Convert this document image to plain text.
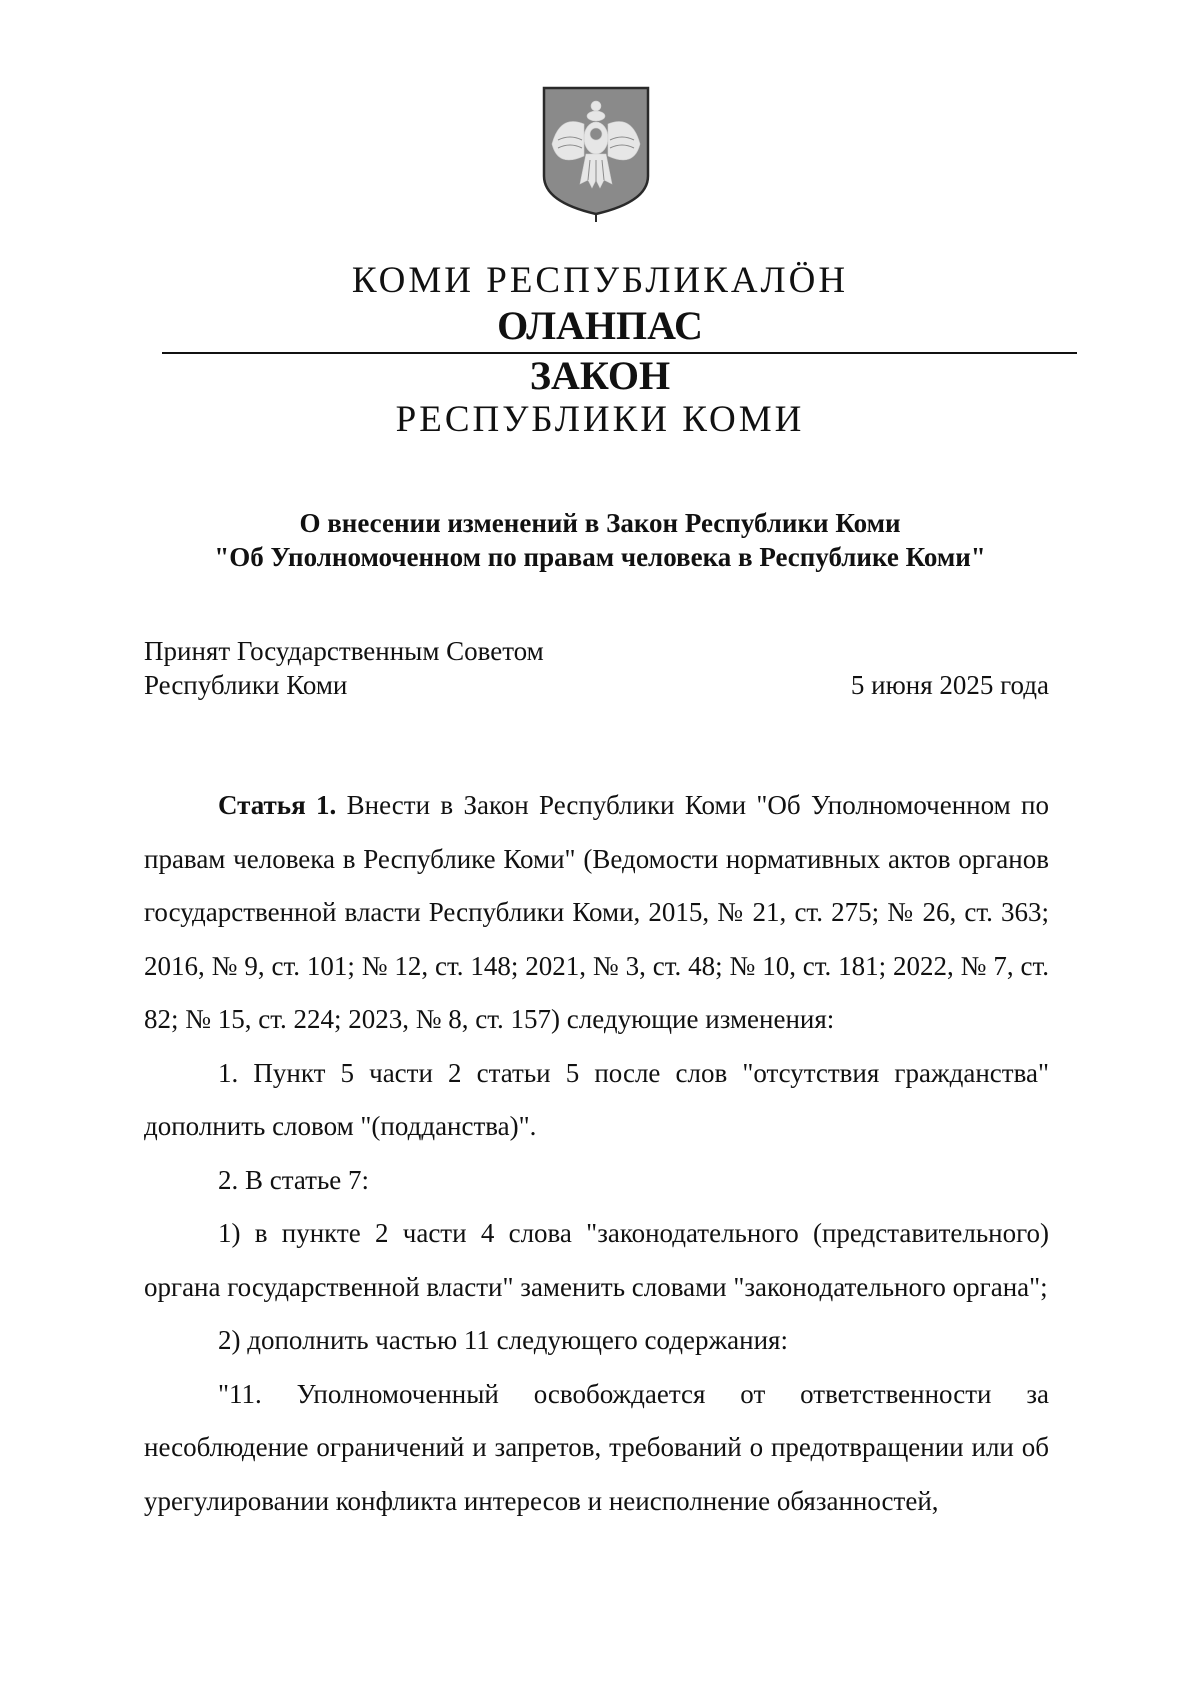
КОМИ РЕСПУБЛИКАЛÖН
ОЛАНПАС
ЗАКОН
РЕСПУБЛИКИ КОМИ
О внесении изменений в Закон Республики Коми
"Об Уполномоченном по правам человека в Республике Коми"
Принят Государственным Советом
Республики Коми	5 июня 2025 года

Статья 1. Внести в Закон Республики Коми "Об Уполномоченном по правам человека в Республике Коми" (Ведомости нормативных актов органов государственной власти Республики Коми, 2015, № 21, ст. 275; № 26, ст. 363; 2016, № 9, ст. 101; № 12, ст. 148; 2021, № 3, ст. 48; № 10, ст. 181; 2022, № 7, ст. 82; № 15, ст. 224; 2023, № 8, ст. 157) следующие изменения:

1. Пункт 5 части 2 статьи 5 после слов "отсутствия гражданства" дополнить словом "(подданства)".

2. В статье 7:

1) в пункте 2 части 4 слова "законодательного (представительного) органа государственной власти" заменить словами "законодательного органа";

2) дополнить частью 11 следующего содержания:

"11. Уполномоченный освобождается от ответственности за несоблюдение ограничений и запретов, требований о предотвращении или об урегулировании конфликта интересов и неисполнение обязанностей,
